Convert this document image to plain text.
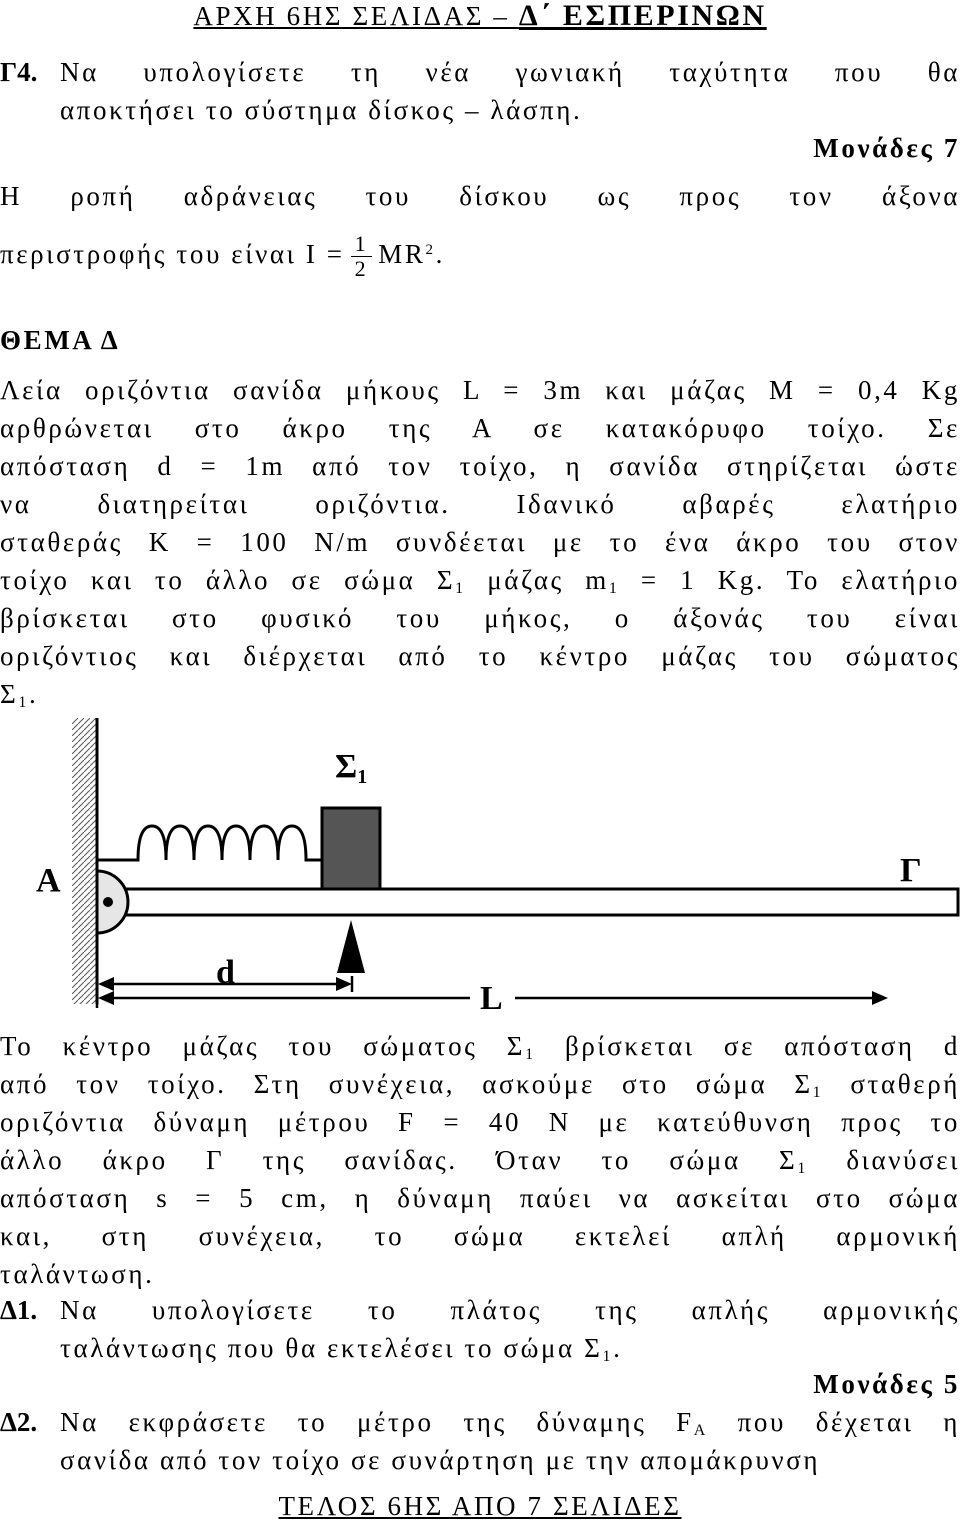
ΑΡΧΗ 6ΗΣ ΣΕΛΙΔΑΣ – Δ΄ ΕΣΠΕΡΙΝΩΝ
Γ4. Να υπολογίσετε τη νέα γωνιακή ταχύτητα που θα
αποκτήσει το σύστημα δίσκος – λάσπη.
Μονάδες 7
Η ροπή αδράνειας του δίσκου ως προς τον άξονα
περιστροφής του είναι $I = \frac{1}{2} MR^2$.
ΘΕΜΑ Δ
Λεία οριζόντια σανίδα μήκους L = 3m και μάζας Μ = 0,4 Kg
αρθρώνεται στο άκρο της Α σε κατακόρυφο τοίχο. Σε
απόσταση d = 1m από τον τοίχο, η σανίδα στηρίζεται ώστε
να διατηρείται οριζόντια. Ιδανικό αβαρές ελατήριο
σταθεράς Κ = 100 N/m συνδέεται με το ένα άκρο του στον
τοίχο και το άλλο σε σώμα $\Sigma_1$ μάζας $m_1 = 1$ Kg. Το ελατήριο
βρίσκεται στο φυσικό του μήκος, ο άξονάς του είναι
οριζόντιος και διέρχεται από το κέντρο μάζας του σώματος
$\Sigma_1$.
$\Sigma_1$
Α	Γ
d
L
Το κέντρο μάζας του σώματος $\Sigma_1$ βρίσκεται σε απόσταση d
από τον τοίχο. Στη συνέχεια, ασκούμε στο σώμα $\Sigma_1$ σταθερή
οριζόντια δύναμη μέτρου F = 40 N με κατεύθυνση προς το
άλλο άκρο Γ της σανίδας. Όταν το σώμα $\Sigma_1$ διανύσει
απόσταση s = 5 cm, η δύναμη παύει να ασκείται στο σώμα
και, στη συνέχεια, το σώμα εκτελεί απλή αρμονική
ταλάντωση.
Δ1. Να υπολογίσετε το πλάτος της απλής αρμονικής
ταλάντωσης που θα εκτελέσει το σώμα $\Sigma_1$.
Μονάδες 5
Δ2. Να εκφράσετε το μέτρο της δύναμης $F_A$ που δέχεται η
σανίδα από τον τοίχο σε συνάρτηση με την απομάκρυνση
ΤΕΛΟΣ 6ΗΣ ΑΠΟ 7 ΣΕΛΙΔΕΣ
